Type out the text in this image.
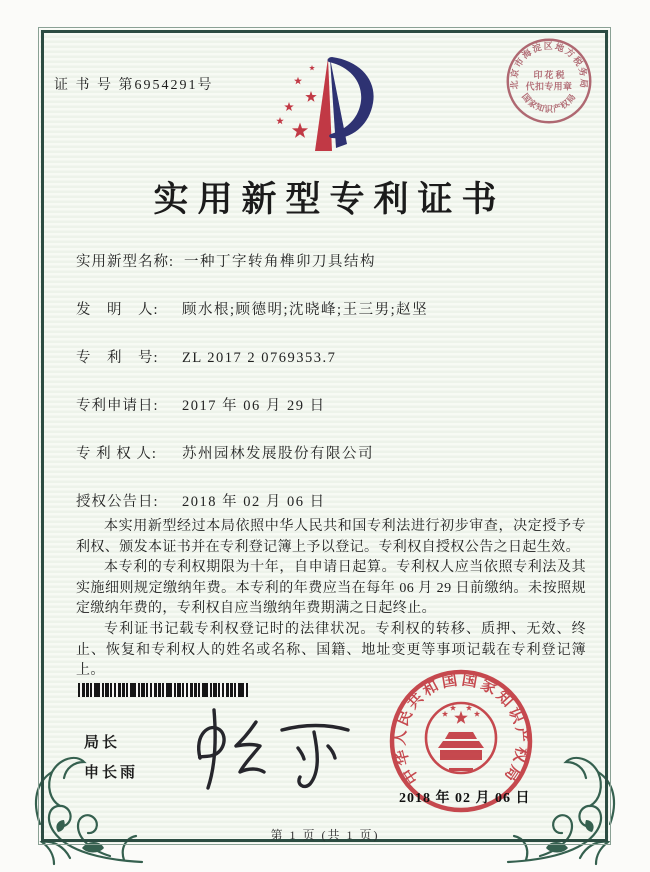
证 书 号 第6954291号
实用新型专利证书
实用新型名称: 一种丁字转角榫卯刀具结构
发　明　人: 顾水根;顾德明;沈晓峰;王三男;赵坚
专　利　号: ZL 2017 2 0769353.7
专利申请日: 2017 年 06 月 29 日
专 利 权 人: 苏州园林发展股份有限公司
授权公告日: 2018 年 02 月 06 日

本实用新型经过本局依照中华人民共和国专利法进行初步审查，决定授予专利权、颁发本证书并在专利登记簿上予以登记。专利权自授权公告之日起生效。

本专利的专利权期限为十年，自申请日起算。专利权人应当依照专利法及其实施细则规定缴纳年费。本专利的年费应当在每年 06 月 29 日前缴纳。未按照规定缴纳年费的，专利权自应当缴纳年费期满之日起终止。

专利证书记载专利权登记时的法律状况。专利权的转移、质押、无效、终止、恢复和专利权人的姓名或名称、国籍、地址变更等事项记载在专利登记簿上。

局长
申长雨	中华人民共和国国家知识产权局
2018 年 02 月 06 日
北京市海淀区地方税务局
国家知识产权局
印 花 税
代扣专用章
第 1 页 (共 1 页)
